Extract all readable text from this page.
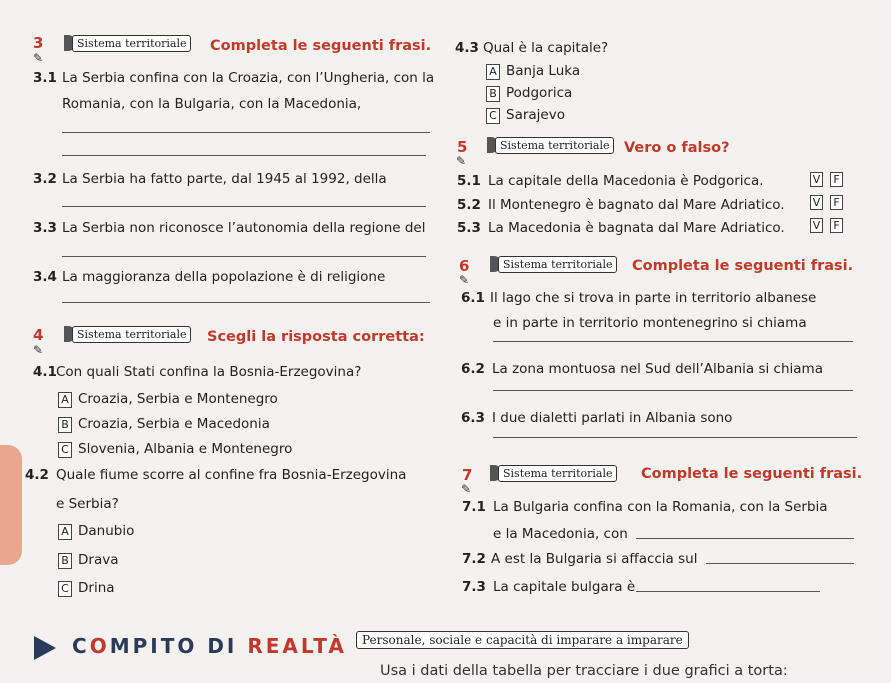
3
✎
Sistema territoriale	Completa le seguenti frasi.
3.1 La Serbia confina con la Croazia, con l’Ungheria, con la
Romania, con la Bulgaria, con la Macedonia,
3.2 La Serbia ha fatto parte, dal 1945 al 1992, della
3.3 La Serbia non riconosce l’autonomia della regione del
3.4 La maggioranza della popolazione è di religione
4
✎
Sistema territoriale	Scegli la risposta corretta:
4.1 Con quali Stati confina la Bosnia-Erzegovina?
A Croazia, Serbia e Montenegro
B Croazia, Serbia e Macedonia
C Slovenia, Albania e Montenegro
4.2 Quale fiume scorre al confine fra Bosnia-Erzegovina
e Serbia?
A Danubio
B Drava
C Drina
4.3 Qual è la capitale?
A Banja Luka
B Podgorica
C Sarajevo
5
✎
Sistema territoriale	Vero o falso?
5.1 La capitale della Macedonia è Podgorica.	V	F
5.2 Il Montenegro è bagnato dal Mare Adriatico.	V	F
5.3 La Macedonia è bagnata dal Mare Adriatico.	V	F
6
✎
Sistema territoriale	Completa le seguenti frasi.
6.1 Il lago che si trova in parte in territorio albanese
e in parte in territorio montenegrino si chiama
6.2 La zona montuosa nel Sud dell’Albania si chiama
6.3 I due dialetti parlati in Albania sono
7
✎
Sistema territoriale	Completa le seguenti frasi.
7.1 La Bulgaria confina con la Romania, con la Serbia
e la Macedonia, con
7.2 A est la Bulgaria si affaccia sul
7.3 La capitale bulgara è
COMPITO DI REALTÀ	Personale, sociale e capacità di imparare a imparare
Usa i dati della tabella per tracciare i due grafici a torta:
